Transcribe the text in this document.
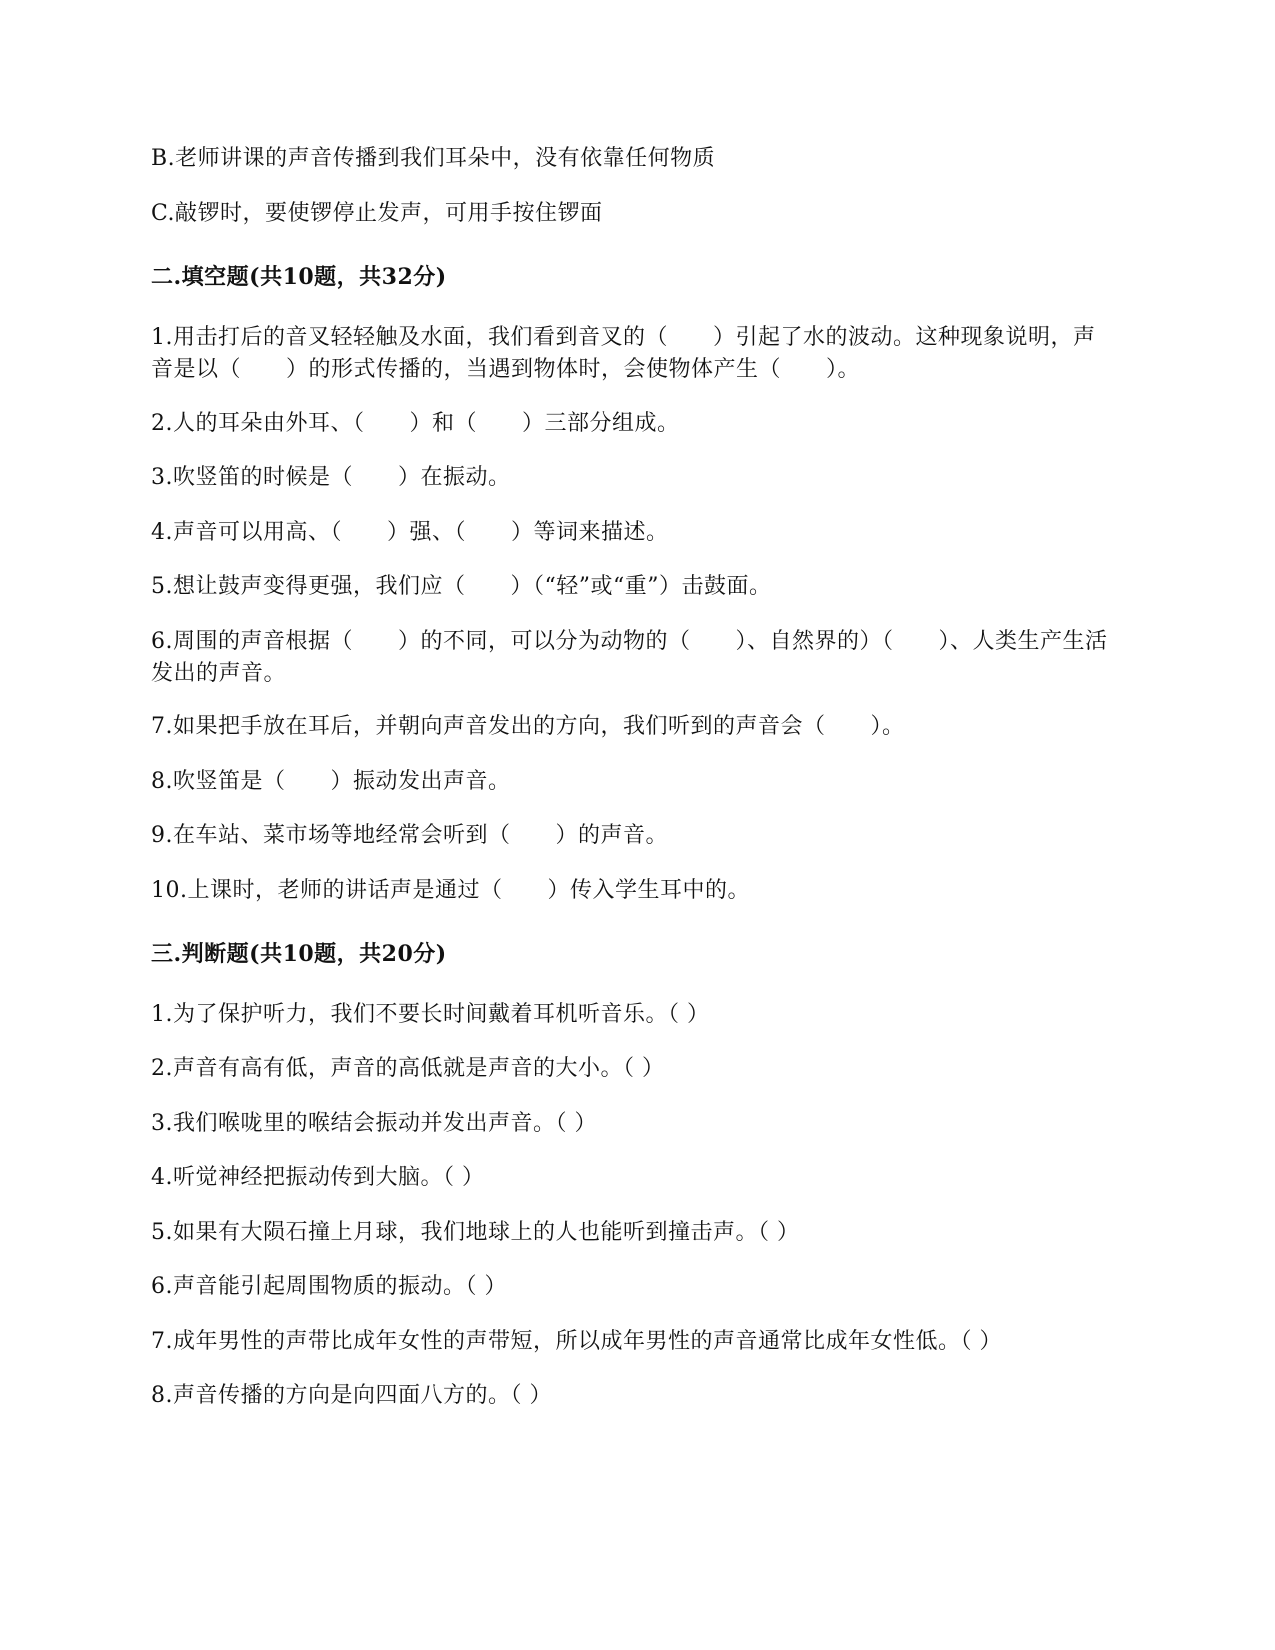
B.老师讲课的声音传播到我们耳朵中，没有依靠任何物质
C.敲锣时，要使锣停止发声，可用手按住锣面
二.填空题(共10题，共32分)
1.用击打后的音叉轻轻触及水面，我们看到音叉的（　　）引起了水的波动。这种现象说明，声音是以（　　）的形式传播的，当遇到物体时，会使物体产生（　　）。
2.人的耳朵由外耳、（　　）和（　　）三部分组成。
3.吹竖笛的时候是（　　）在振动。
4.声音可以用高、（　　）强、（　　）等词来描述。
5.想让鼓声变得更强，我们应（　　）（“轻”或“重”）击鼓面。
6.周围的声音根据（　　）的不同，可以分为动物的（　　）、自然界的）（　　）、人类生产生活发出的声音。
7.如果把手放在耳后，并朝向声音发出的方向，我们听到的声音会（　　）。
8.吹竖笛是（　　）振动发出声音。
9.在车站、菜市场等地经常会听到（　　）的声音。
10.上课时，老师的讲话声是通过（　　）传入学生耳中的。
三.判断题(共10题，共20分)
1.为了保护听力，我们不要长时间戴着耳机听音乐。（ ）
2.声音有高有低，声音的高低就是声音的大小。（ ）
3.我们喉咙里的喉结会振动并发出声音。（ ）
4.听觉神经把振动传到大脑。（ ）
5.如果有大陨石撞上月球，我们地球上的人也能听到撞击声。（ ）
6.声音能引起周围物质的振动。（ ）
7.成年男性的声带比成年女性的声带短，所以成年男性的声音通常比成年女性低。（ ）
8.声音传播的方向是向四面八方的。（ ）
